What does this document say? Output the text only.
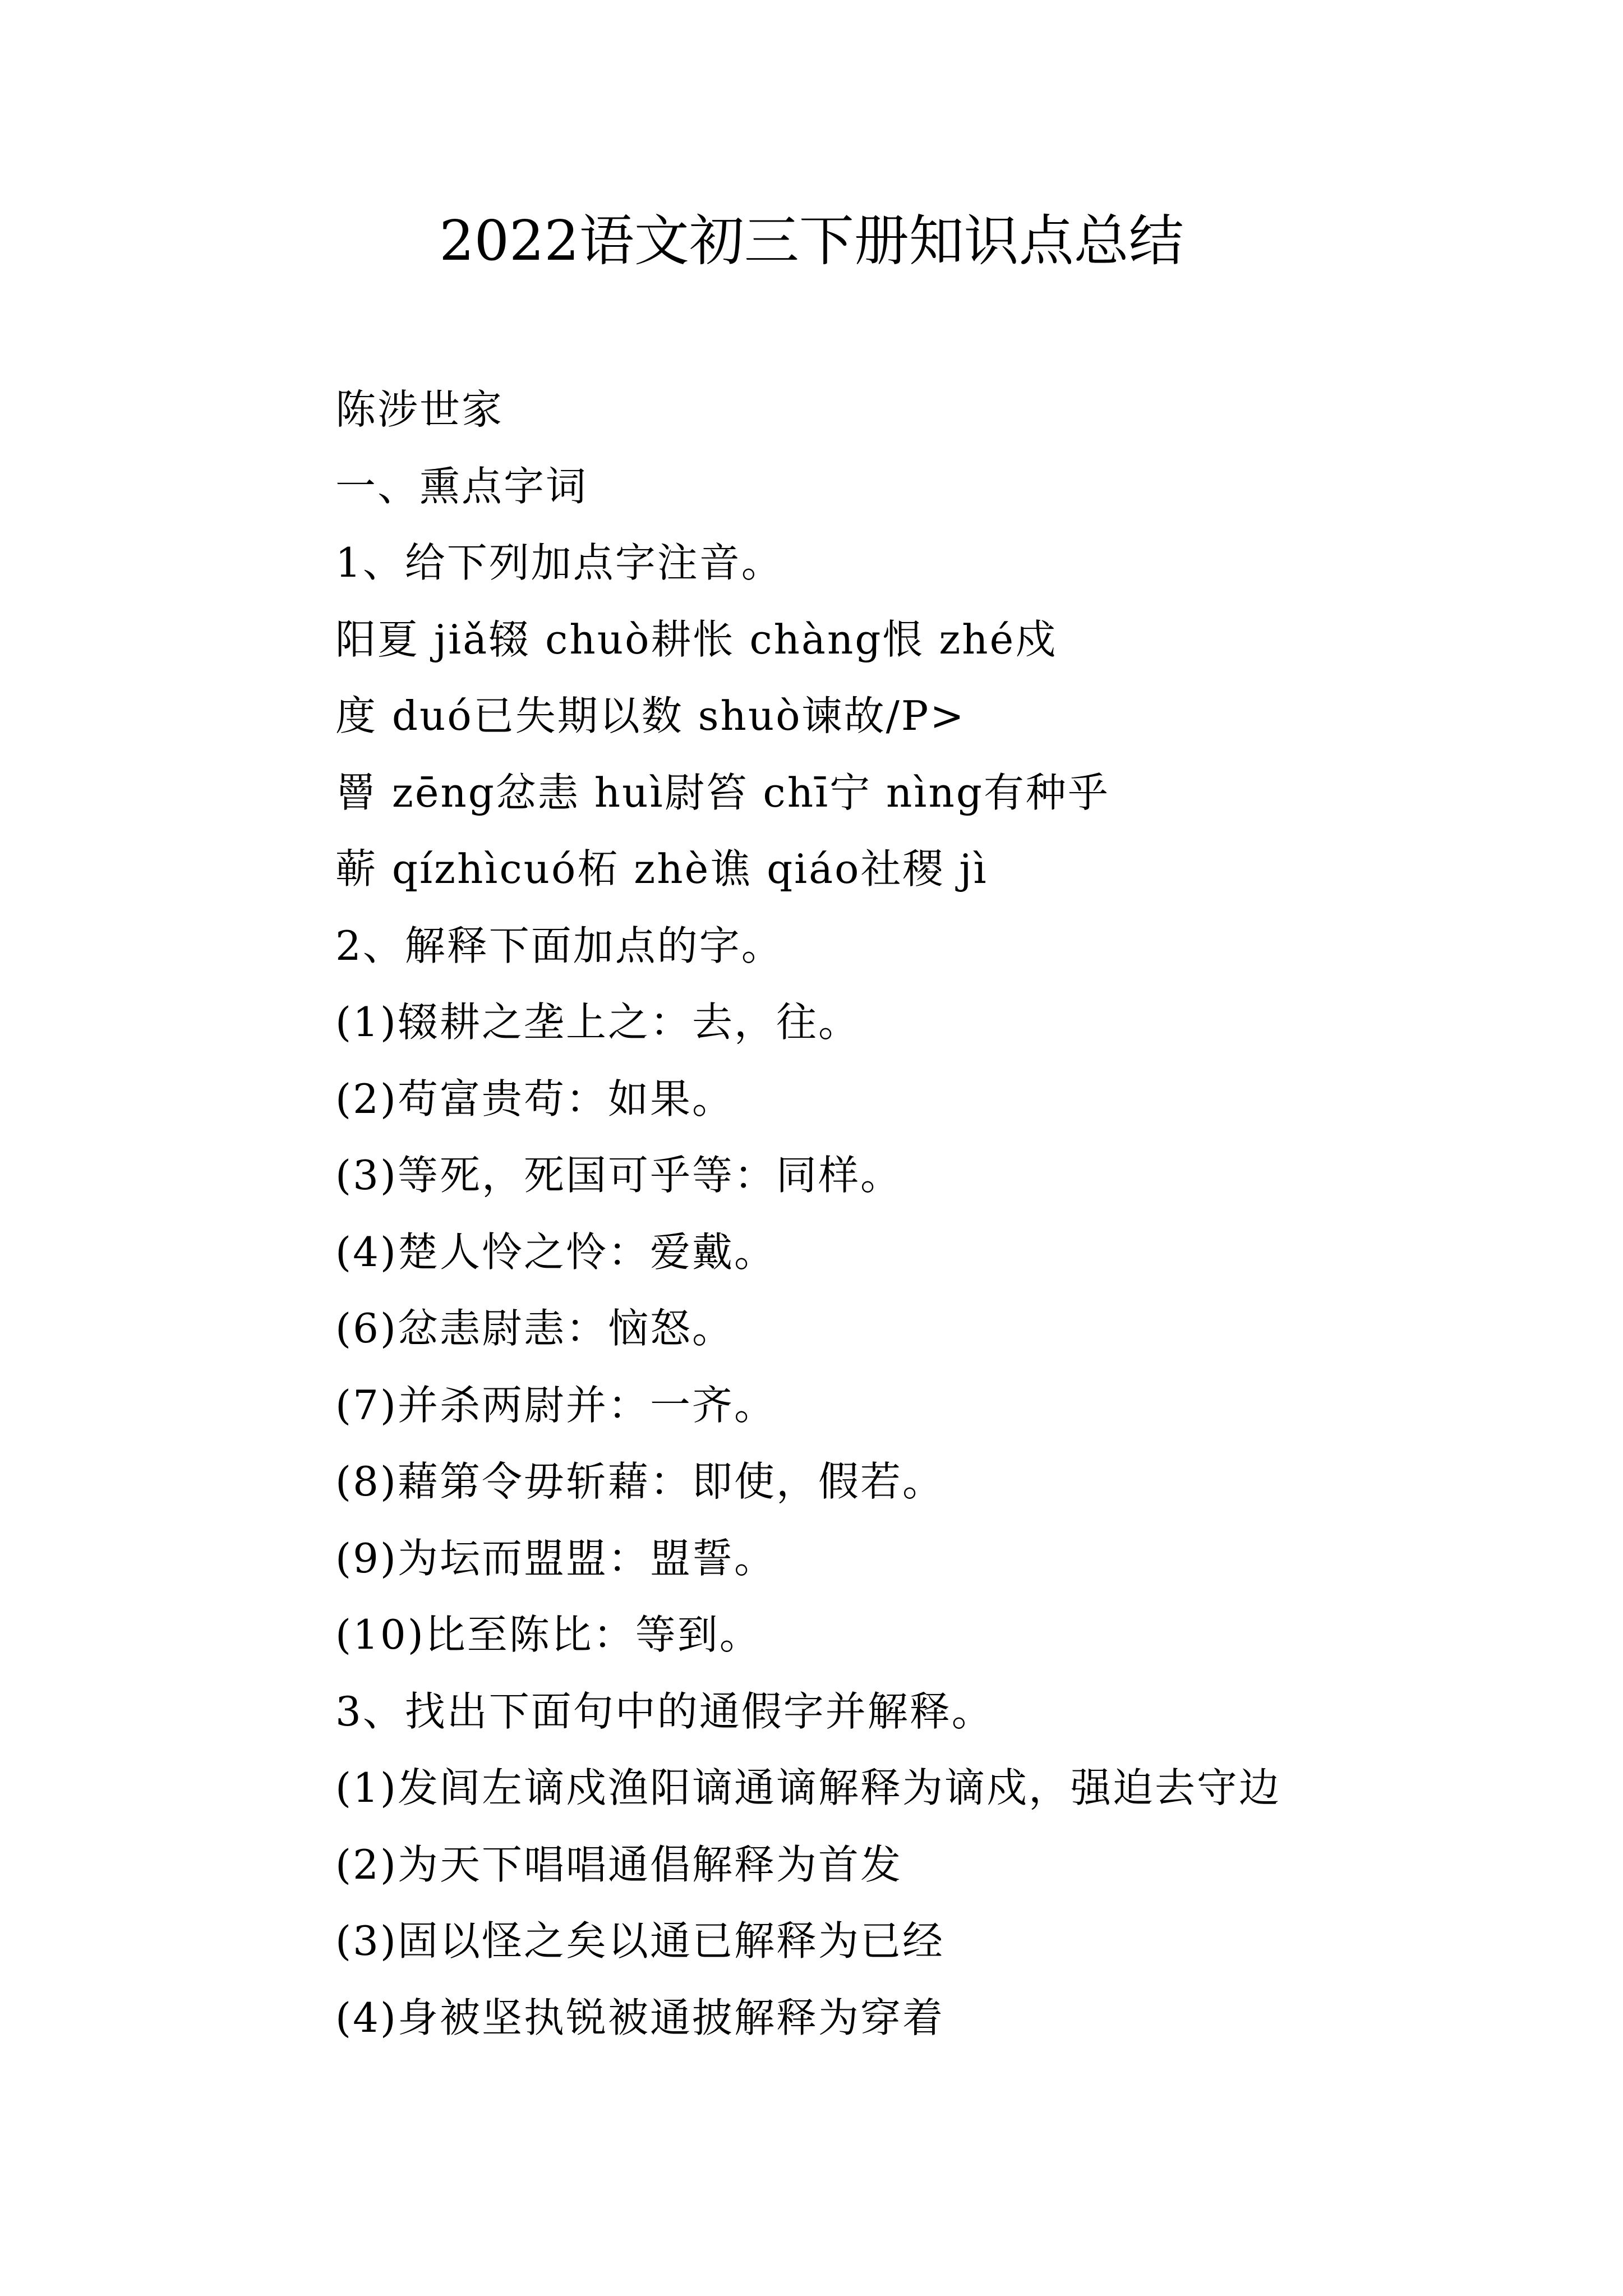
2022语文初三下册知识点总结
陈涉世家
一、熏点字词
1、给下列加点字注音。
阳夏 jiǎ辍 chuò耕怅 chàng恨 zhé戍
度 duó已失期以数 shuò谏故/P>
罾 zēng忿恚 huì尉笞 chī宁 nìng有种乎
蕲 qízhìcuó柘 zhè谯 qiáo社稷 jì
2、解释下面加点的字。
(1)辍耕之垄上之：去，往。
(2)苟富贵苟：如果。
(3)等死，死国可乎等：同样。
(4)楚人怜之怜：爱戴。
(6)忿恚尉恚：恼怒。
(7)并杀两尉并：一齐。
(8)藉第令毋斩藉：即使，假若。
(9)为坛而盟盟：盟誓。
(10)比至陈比：等到。
3、找出下面句中的通假字并解释。
(1)发闾左谪戍渔阳谪通谪解释为谪戍，强迫去守边
(2)为天下唱唱通倡解释为首发
(3)固以怪之矣以通已解释为已经
(4)身被坚执锐被通披解释为穿着
